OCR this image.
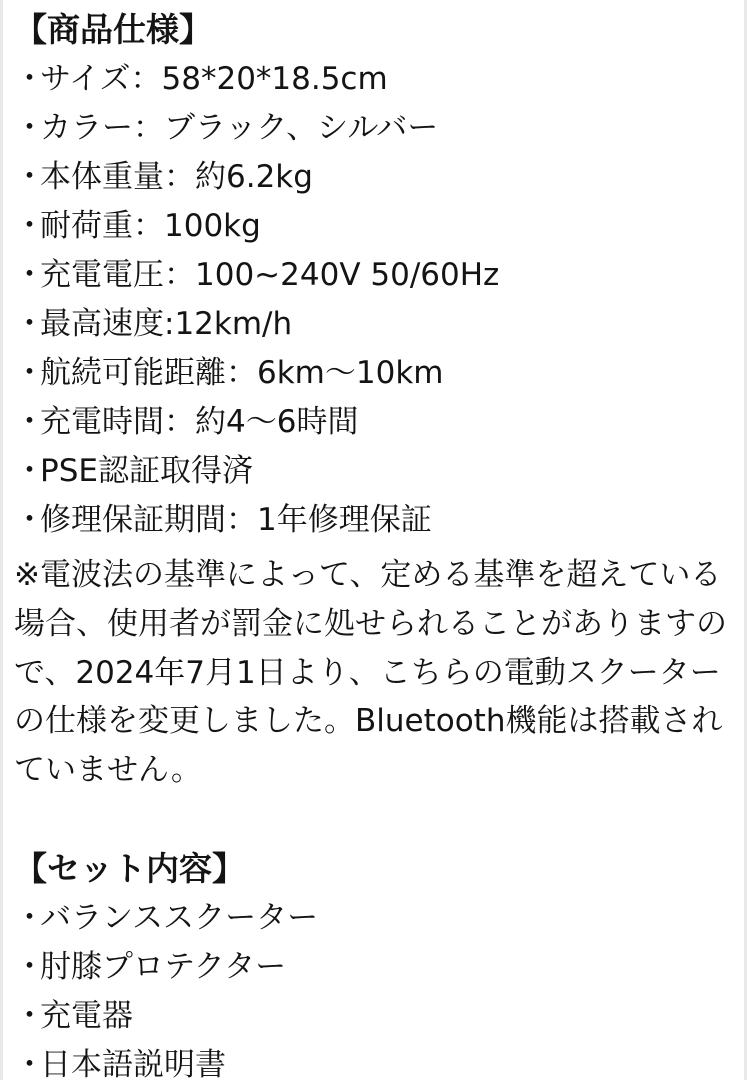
【商品仕様】
・サイズ：58*20*18.5cm
・カラー：ブラック、シルバー
・本体重量：約6.2kg
・耐荷重：100kg
・充電電圧：100~240V 50/60Hz
・最高速度:12km/h
・航続可能距離：6km～10km
・充電時間：約4～6時間
・PSE認証取得済
・修理保証期間：1年修理保証

※電波法の基準によって、定める基準を超えている場合、使用者が罰金に処せられることがありますので、2024年7月1日より、こちらの電動スクーターの仕様を変更しました。Bluetooth機能は搭載されていません。

【セット内容】
・バランススクーター
・肘膝プロテクター
・充電器
・日本語説明書
